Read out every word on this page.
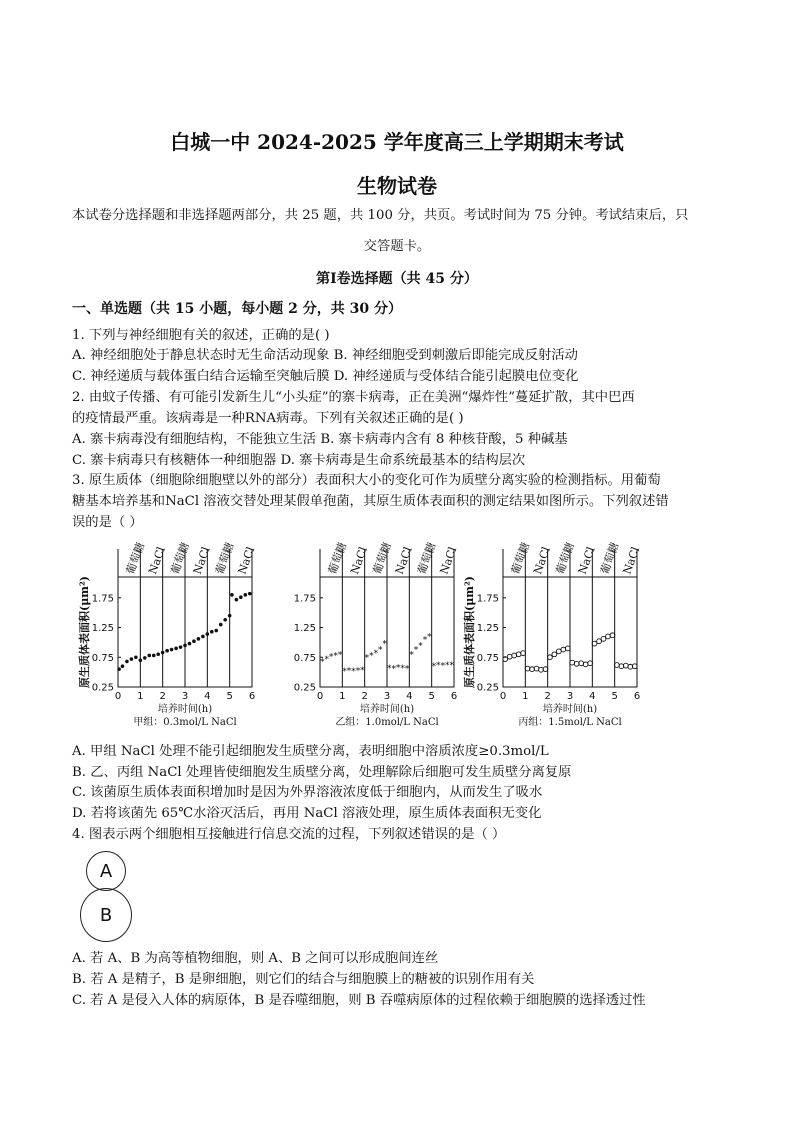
白城一中 2024-2025 学年度高三上学期期末考试
生物试卷
本试卷分选择题和非选择题两部分，共 25 题，共 100 分，共页。考试时间为 75 分钟。考试结束后，只
交答题卡。
第Ⅰ卷选择题（共 45 分）
一、单选题（共 15 小题，每小题 2 分，共 30 分）
1. 下列与神经细胞有关的叙述，正确的是( )
A. 神经细胞处于静息状态时无生命活动现象 B. 神经细胞受到刺激后即能完成反射活动
C. 神经递质与载体蛋白结合运输至突触后膜 D. 神经递质与受体结合能引起膜电位变化
2. 由蚊子传播、有可能引发新生儿“小头症”的寨卡病毒，正在美洲“爆炸性”蔓延扩散，其中巴西
的疫情最严重。该病毒是一种RNA病毒。下列有关叙述正确的是( )
A. 寨卡病毒没有细胞结构，不能独立生活 B. 寨卡病毒内含有 8 种核苷酸，5 种碱基
C. 寨卡病毒只有核糖体一种细胞器 D. 寨卡病毒是生命系统最基本的结构层次
3. 原生质体（细胞除细胞壁以外的部分）表面积大小的变化可作为质壁分离实验的检测指标。用葡萄
糖基本培养基和NaCl 溶液交替处理某假单孢菌，其原生质体表面积的测定结果如图所示。下列叙述错
误的是（ ）
葡萄糖
NaCl 葡萄糖
NaCl 葡萄糖
NaCl
0.25
0.75
1.25
1.75
0 1 2 3 4 5 6
培养时间(h)
甲组：0.3mol/L NaCl
原生质体表面积(μm²)
葡萄糖
NaCl 葡萄糖
NaCl 葡萄糖
NaCl
0.25
0.75
1.25
1.75
0 1 2 3 4 5 6
培养时间(h)
乙组：1.0mol/L NaCl
* * * * *
* * * * *
* * * *
*
* * * * *
* * *
* *
* * * * *
葡萄糖
NaCl 葡萄糖
NaCl 葡萄糖
NaCl
0.25
0.75
1.25
1.75
0 1 2 3 4 5 6
培养时间(h)
丙组：1.5mol/L NaCl
原生质体表面积(μm²)
A. 甲组 NaCl 处理不能引起细胞发生质壁分离，表明细胞中溶质浓度≥0.3mol/L
B. 乙、丙组 NaCl 处理皆使细胞发生质壁分离，处理解除后细胞可发生质壁分离复原
C. 该菌原生质体表面积增加时是因为外界溶液浓度低于细胞内，从而发生了吸水
D. 若将该菌先 65℃水浴灭活后，再用 NaCl 溶液处理，原生质体表面积无变化
4. 图表示两个细胞相互接触进行信息交流的过程，下列叙述错误的是（ ）
A
B
A. 若 A、B 为高等植物细胞，则 A、B 之间可以形成胞间连丝
B. 若 A 是精子，B 是卵细胞，则它们的结合与细胞膜上的糖被的识别作用有关
C. 若 A 是侵入人体的病原体，B 是吞噬细胞，则 B 吞噬病原体的过程依赖于细胞膜的选择透过性
